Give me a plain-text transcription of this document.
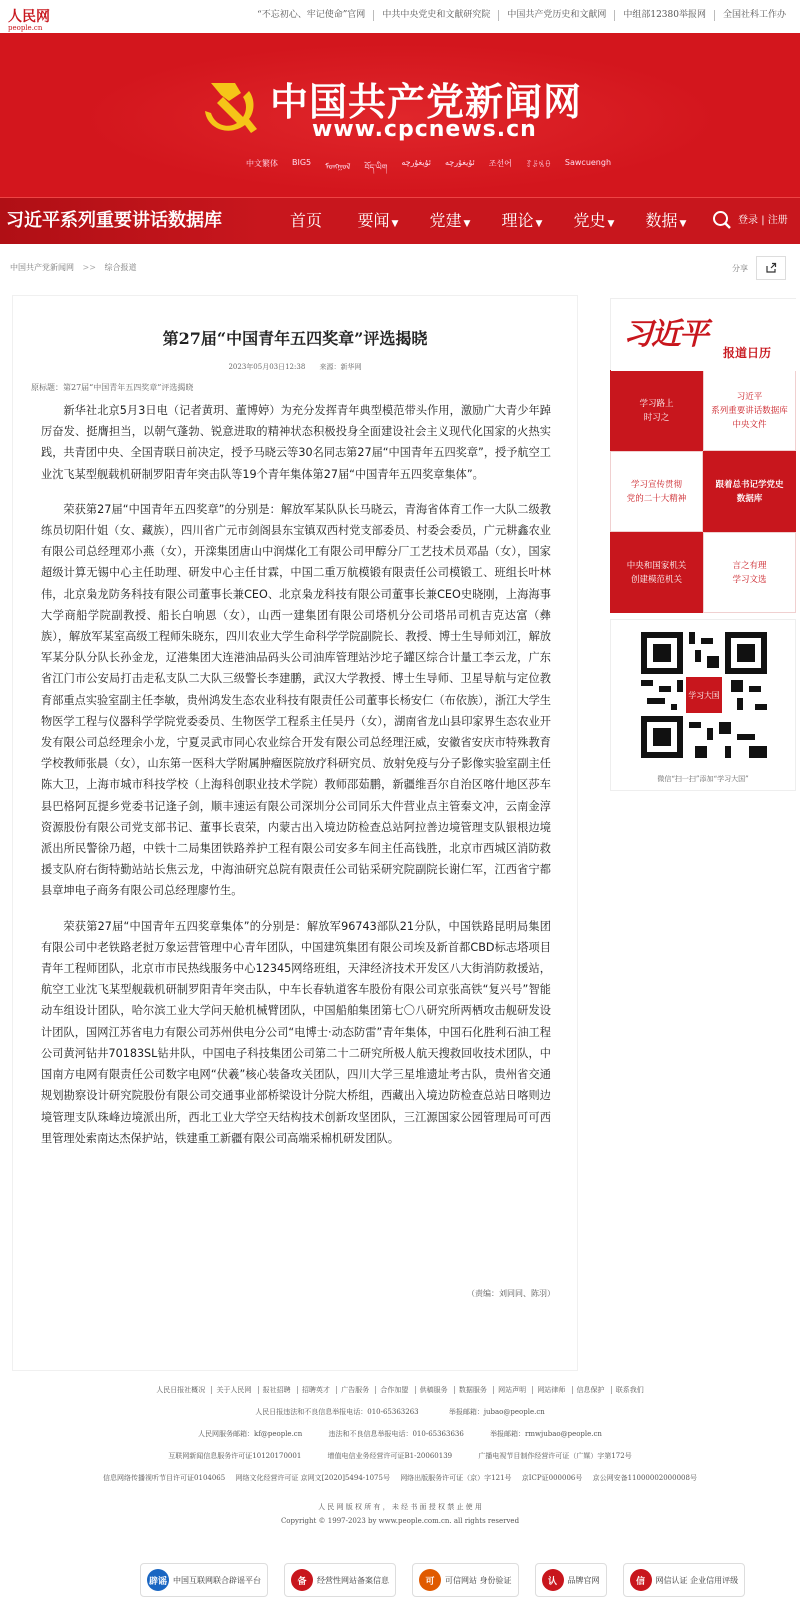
人民网
people.cn
“不忘初心、牢记使命”官网	中共中央党史和文献研究院	中国共产党历史和文献网	中组部12380举报网	全国社科工作办
中国共产党新闻网
www.cpcnews.cn
中文繁体 BIG5 ᠮᠣᠩᠭᠣᠯ བོད་ཡིག
ئۇيغۇرچە ئۇيغۇرچە 조선어 ꆈꌠꁱꂷ Sawcuengh
习近平系列重要讲话数据库	首页	要闻 ▼	党建 ▼	理论 ▼	党史 ▼	数据 ▼	登录 | 注册
中国共产党新闻网 >> 综合报道	分享
第27届“中国青年五四奖章”评选揭晓
2023年05月03日12:38 来源：新华网
原标题：第27届“中国青年五四奖章”评选揭晓

新华社北京5月3日电（记者黄玥、董博婷）为充分发挥青年典型模范带头作用，激励广大青少年踔厉奋发、挺膺担当，以朝气蓬勃、锐意进取的精神状态积极投身全面建设社会主义现代化国家的火热实践，共青团中央、全国青联日前决定，授予马晓云等30名同志第27届“中国青年五四奖章”，授予航空工业沈飞某型舰载机研制罗阳青年突击队等19个青年集体第27届“中国青年五四奖章集体”。

荣获第27届“中国青年五四奖章”的分别是：解放军某队队长马晓云，青海省体育工作一大队二级教练员切阳什姐（女、藏族），四川省广元市剑阁县东宝镇双西村党支部委员、村委会委员，广元耕鑫农业有限公司总经理邓小燕（女），开滦集团唐山中润煤化工有限公司甲醇分厂工艺技术员邓晶（女），国家超级计算无锡中心主任助理、研发中心主任甘霖，中国二重万航模锻有限责任公司模锻工、班组长叶林伟，北京枭龙防务科技有限公司董事长兼CEO、北京枭龙科技有限公司董事长兼CEO史晓刚，上海海事大学商船学院副教授、船长白响恩（女），山西一建集团有限公司塔机分公司塔吊司机吉克达富（彝族），解放军某室高级工程师朱晓东，四川农业大学生命科学学院副院长、教授、博士生导师刘江，解放军某分队分队长孙金龙，辽港集团大连港油品码头公司油库管理站沙坨子罐区综合计量工李云龙，广东省江门市公安局打击走私支队二大队三级警长李建鹏，武汉大学教授、博士生导师、卫星导航与定位教育部重点实验室副主任李敏，贵州鸿发生态农业科技有限责任公司董事长杨安仁（布依族），浙江大学生物医学工程与仪器科学学院党委委员、生物医学工程系主任吴丹（女），湖南省龙山县印家界生态农业开发有限公司总经理余小龙，宁夏灵武市同心农业综合开发有限公司总经理汪威，安徽省安庆市特殊教育学校教师张晨（女），山东第一医科大学附属肿瘤医院放疗科研究员、放射免疫与分子影像实验室副主任陈大卫，上海市城市科技学校（上海科创职业技术学院）教师邵茹鹏，新疆维吾尔自治区喀什地区莎车县巴格阿瓦提乡党委书记逢子剑，顺丰速运有限公司深圳分公司同乐大件营业点主管秦文冲，云南金淳资源股份有限公司党支部书记、董事长袁荣，内蒙古出入境边防检查总站阿拉善边境管理支队银根边境派出所民警徐乃超，中铁十二局集团铁路养护工程有限公司安多车间主任高钱胜，北京市西城区消防救援支队府右街特勤站站长焦云龙，中海油研究总院有限责任公司钻采研究院副院长谢仁军，江西省宁都县章坤电子商务有限公司总经理廖竹生。

荣获第27届“中国青年五四奖章集体”的分别是：解放军96743部队21分队，中国铁路昆明局集团有限公司中老铁路老挝万象运营管理中心青年团队，中国建筑集团有限公司埃及新首都CBD标志塔项目青年工程师团队，北京市市民热线服务中心12345网络班组，天津经济技术开发区八大街消防救援站，航空工业沈飞某型舰载机研制罗阳青年突击队，中车长春轨道客车股份有限公司京张高铁“复兴号”智能动车组设计团队，哈尔滨工业大学问天舱机械臂团队，中国船舶集团第七〇八研究所两栖攻击舰研发设计团队，国网江苏省电力有限公司苏州供电分公司“电博士·动态防雷”青年集体，中国石化胜利石油工程公司黄河钻井70183SL钻井队，中国电子科技集团公司第二十二研究所极人航天搜救回收技术团队，中国南方电网有限责任公司数字电网“伏羲”核心装备攻关团队，四川大学三星堆遗址考古队，贵州省交通规划勘察设计研究院股份有限公司交通事业部桥梁设计分院大桥组，西藏出入境边防检查总站日喀则边境管理支队珠峰边境派出所，西北工业大学空天结构技术创新攻坚团队，三江源国家公园管理局可可西里管理处索南达杰保护站，铁建重工新疆有限公司高端采棉机研发团队。

（责编：刘同同、陈羽）
习近平
报道日历
学习路上
时习之
习近平
系列重要讲话数据库
中央文件
学习宣传贯彻
党的二十大精神
跟着总书记学党史
数据库
中央和国家机关
创建模范机关
言之有理
学习文选
学习大国
微信“扫一扫”添加“学习大国”
人民日报社概况 关于人民网 报社招聘 招聘英才 广告服务 合作加盟 供稿服务 数据服务 网站声明 网站律师 信息保护 联系我们
人民日报违法和不良信息举报电话：010-65363263	举报邮箱：jubao@people.cn
人民网服务邮箱：kf@people.cn	违法和不良信息举报电话：010-65363636	举报邮箱：rmwjubao@people.cn
互联网新闻信息服务许可证10120170001	增值电信业务经营许可证B1-20060139	广播电视节目制作经营许可证（广媒）字第172号
信息网络传播视听节目许可证0104065 网络文化经营许可证 京网文[2020]5494-1075号 网络出版服务许可证（京）字121号 京ICP证000006号 京公网安备11000002000008号
人 民 网 版 权 所 有 ， 未 经 书 面 授 权 禁 止 使 用
Copyright © 1997-2023 by www.people.com.cn. all rights reserved
辟谣 中国互联网联合辟谣平台	备	经营性网站备案信息	可	可信网站 身份验证	认	品牌官网	信	网信认证 企业信用评级
